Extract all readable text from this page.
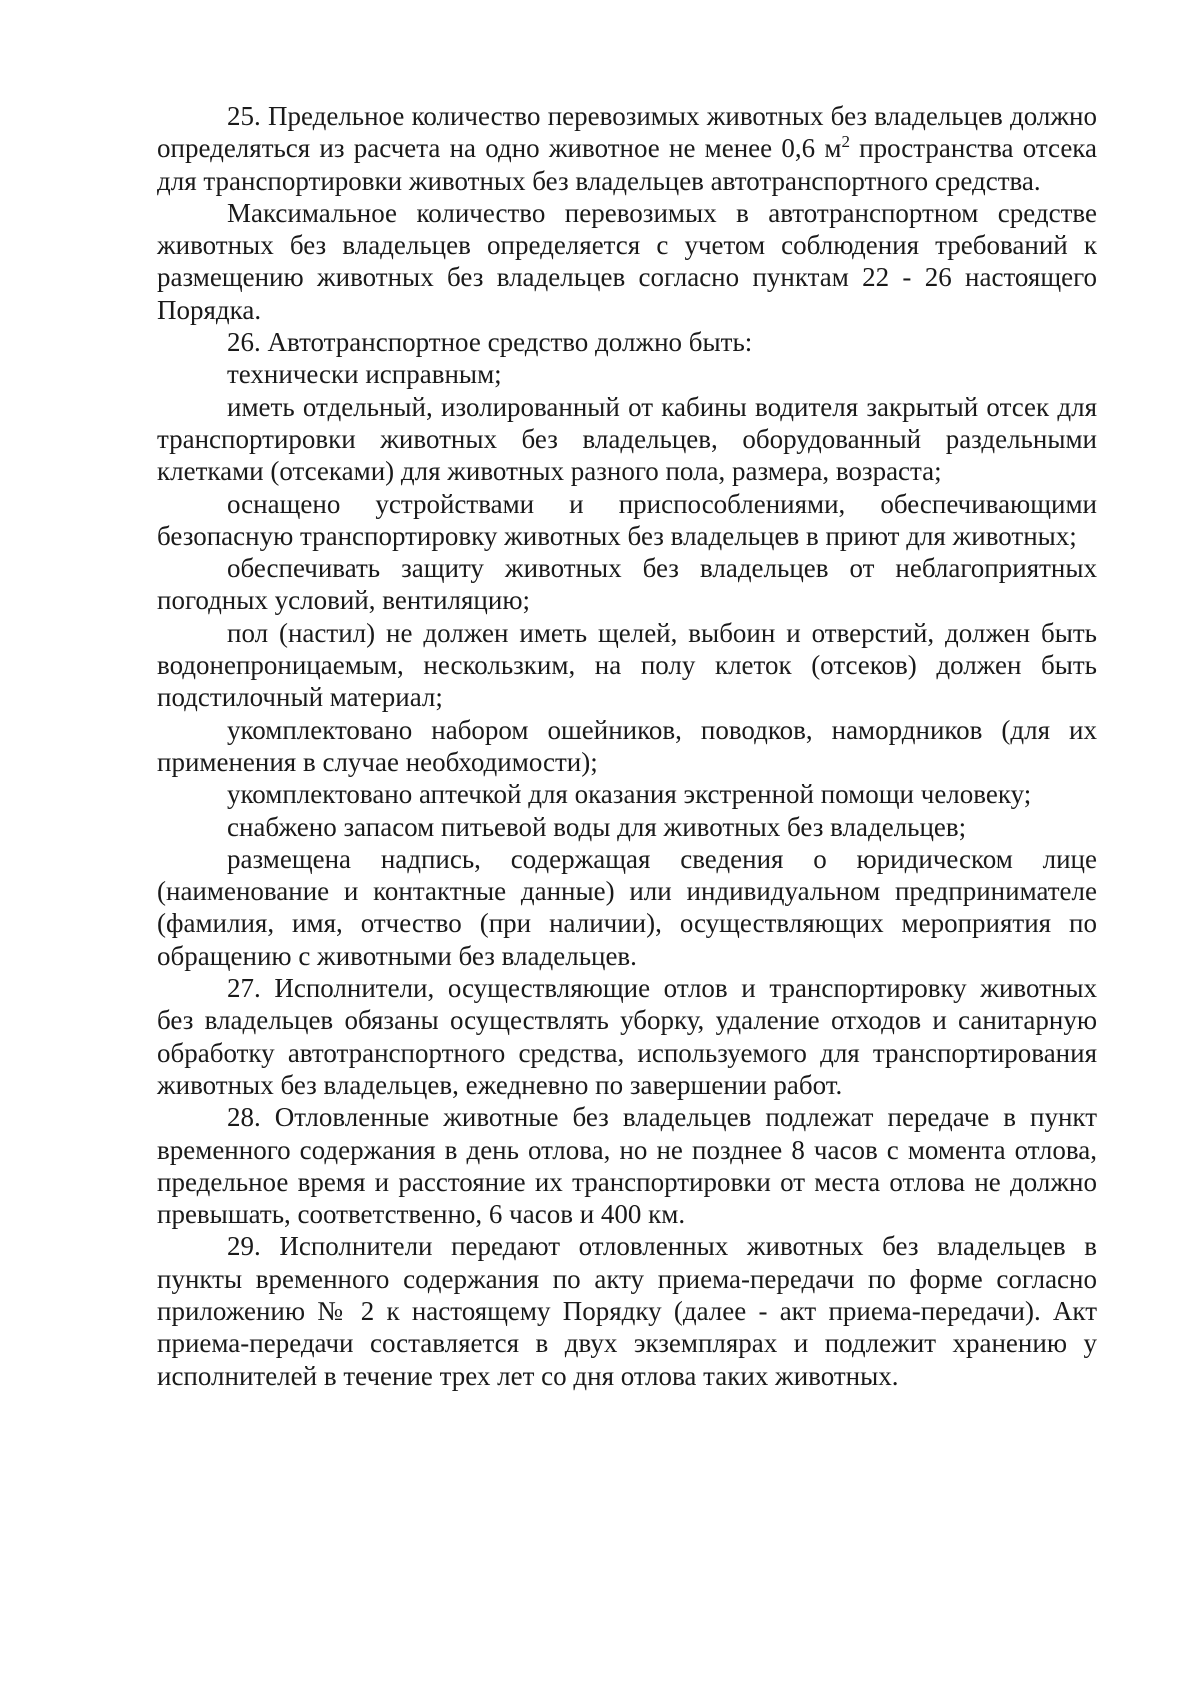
25. Предельное количество перевозимых животных без владельцев должно определяться из расчета на одно животное не менее 0,6 $м^2$ пространства отсека для транспортировки животных без владельцев автотранспортного средства.

Максимальное количество перевозимых в автотранспортном средстве животных без владельцев определяется с учетом соблюдения требований к размещению животных без владельцев согласно пунктам 22 - 26 настоящего Порядка.

26. Автотранспортное средство должно быть:

технически исправным;

иметь отдельный, изолированный от кабины водителя закрытый отсек для транспортировки животных без владельцев, оборудованный раздельными клетками (отсеками) для животных разного пола, размера, возраста;

оснащено устройствами и приспособлениями, обеспечивающими безопасную транспортировку животных без владельцев в приют для животных;

обеспечивать защиту животных без владельцев от неблагоприятных погодных условий, вентиляцию;

пол (настил) не должен иметь щелей, выбоин и отверстий, должен быть водонепроницаемым, нескользким, на полу клеток (отсеков) должен быть подстилочный материал;

укомплектовано набором ошейников, поводков, намордников (для их применения в случае необходимости);

укомплектовано аптечкой для оказания экстренной помощи человеку;

снабжено запасом питьевой воды для животных без владельцев;

размещена надпись, содержащая сведения о юридическом лице (наименование и контактные данные) или индивидуальном предпринимателе (фамилия, имя, отчество (при наличии), осуществляющих мероприятия по обращению с животными без владельцев.

27. Исполнители, осуществляющие отлов и транспортировку животных без владельцев обязаны осуществлять уборку, удаление отходов и санитарную обработку автотранспортного средства, используемого для транспортирования животных без владельцев, ежедневно по завершении работ.

28. Отловленные животные без владельцев подлежат передаче в пункт временного содержания в день отлова, но не позднее 8 часов с момента отлова, предельное время и расстояние их транспортировки от места отлова не должно превышать, соответственно, 6 часов и 400 км.

29. Исполнители передают отловленных животных без владельцев в пункты временного содержания по акту приема-передачи по форме согласно приложению № 2 к настоящему Порядку (далее - акт приема-передачи). Акт приема-передачи составляется в двух экземплярах и подлежит хранению у исполнителей в течение трех лет со дня отлова таких животных.
